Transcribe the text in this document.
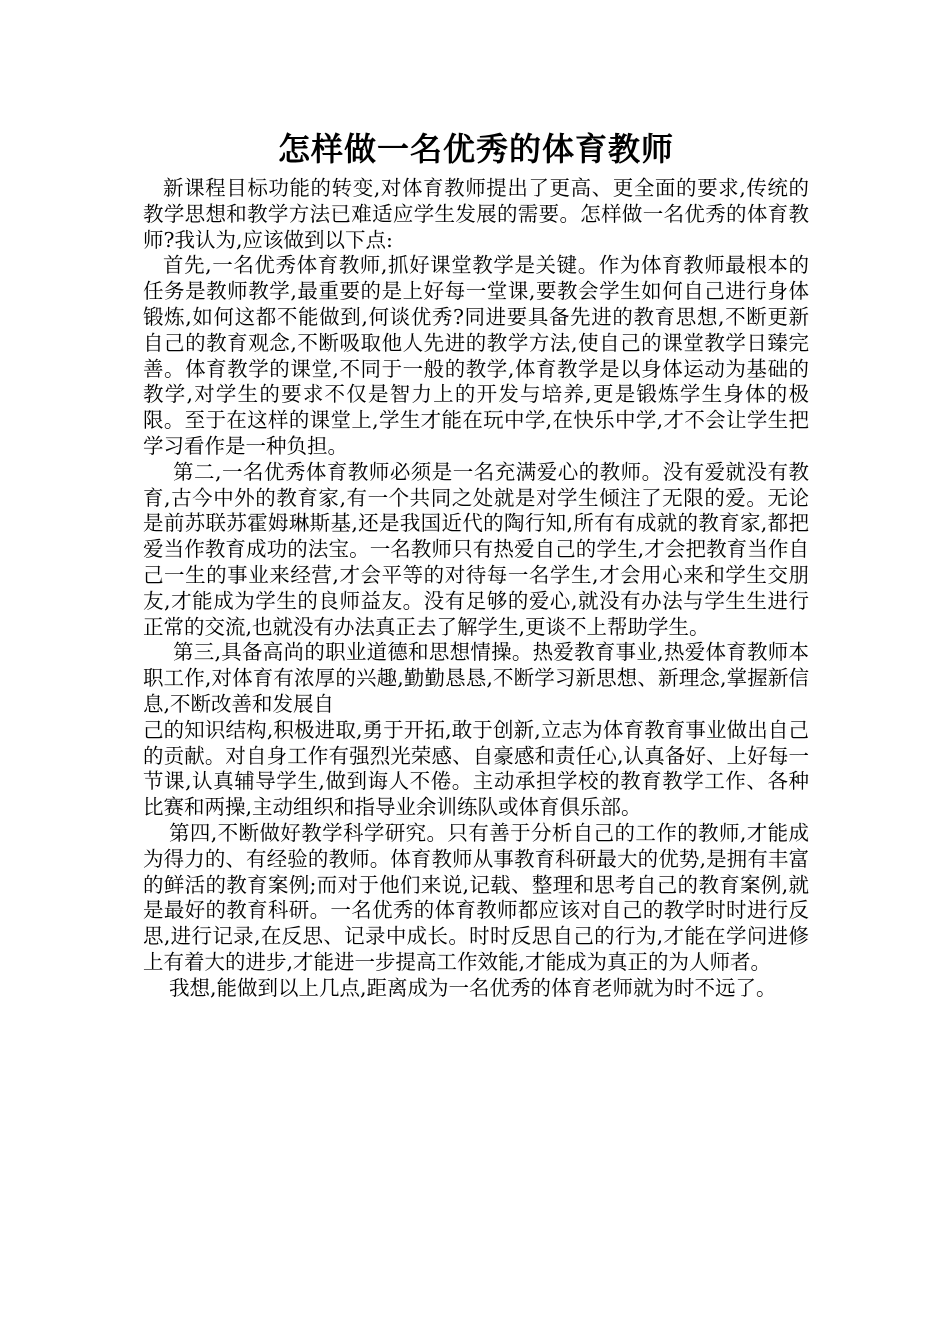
怎样做一名优秀的体育教师

新课程目标功能的转变,对体育教师提出了更高、更全面的要求,传统的教学思想和教学方法已难适应学生发展的需要。怎样做一名优秀的体育教师?我认为,应该做到以下点:

首先,一名优秀体育教师,抓好课堂教学是关键。作为体育教师最根本的任务是教师教学,最重要的是上好每一堂课,要教会学生如何自己进行身体锻炼,如何这都不能做到,何谈优秀?同进要具备先进的教育思想,不断更新自己的教育观念,不断吸取他人先进的教学方法,使自己的课堂教学日臻完善。体育教学的课堂,不同于一般的教学,体育教学是以身体运动为基础的教学,对学生的要求不仅是智力上的开发与培养,更是锻炼学生身体的极限。至于在这样的课堂上,学生才能在玩中学,在快乐中学,才不会让学生把学习看作是一种负担。

第二,一名优秀体育教师必须是一名充满爱心的教师。没有爱就没有教育,古今中外的教育家,有一个共同之处就是对学生倾注了无限的爱。无论是前苏联苏霍姆琳斯基,还是我国近代的陶行知,所有有成就的教育家,都把爱当作教育成功的法宝。一名教师只有热爱自己的学生,才会把教育当作自己一生的事业来经营,才会平等的对待每一名学生,才会用心来和学生交朋友,才能成为学生的良师益友。没有足够的爱心,就没有办法与学生生进行正常的交流,也就没有办法真正去了解学生,更谈不上帮助学生。

第三,具备高尚的职业道德和思想情操。热爱教育事业,热爱体育教师本职工作,对体育有浓厚的兴趣,勤勤恳恳,不断学习新思想、新理念,掌握新信息,不断改善和发展自

己的知识结构,积极进取,勇于开拓,敢于创新,立志为体育教育事业做出自己的贡献。对自身工作有强烈光荣感、自豪感和责任心,认真备好、上好每一节课,认真辅导学生,做到诲人不倦。主动承担学校的教育教学工作、各种比赛和两操,主动组织和指导业余训练队或体育俱乐部。

第四,不断做好教学科学研究。只有善于分析自己的工作的教师,才能成为得力的、有经验的教师。体育教师从事教育科研最大的优势,是拥有丰富的鲜活的教育案例;而对于他们来说,记载、整理和思考自己的教育案例,就是最好的教育科研。一名优秀的体育教师都应该对自己的教学时时进行反思,进行记录,在反思、记录中成长。时时反思自己的行为,才能在学问进修上有着大的进步,才能进一步提高工作效能,才能成为真正的为人师者。

我想,能做到以上几点,距离成为一名优秀的体育老师就为时不远了。
